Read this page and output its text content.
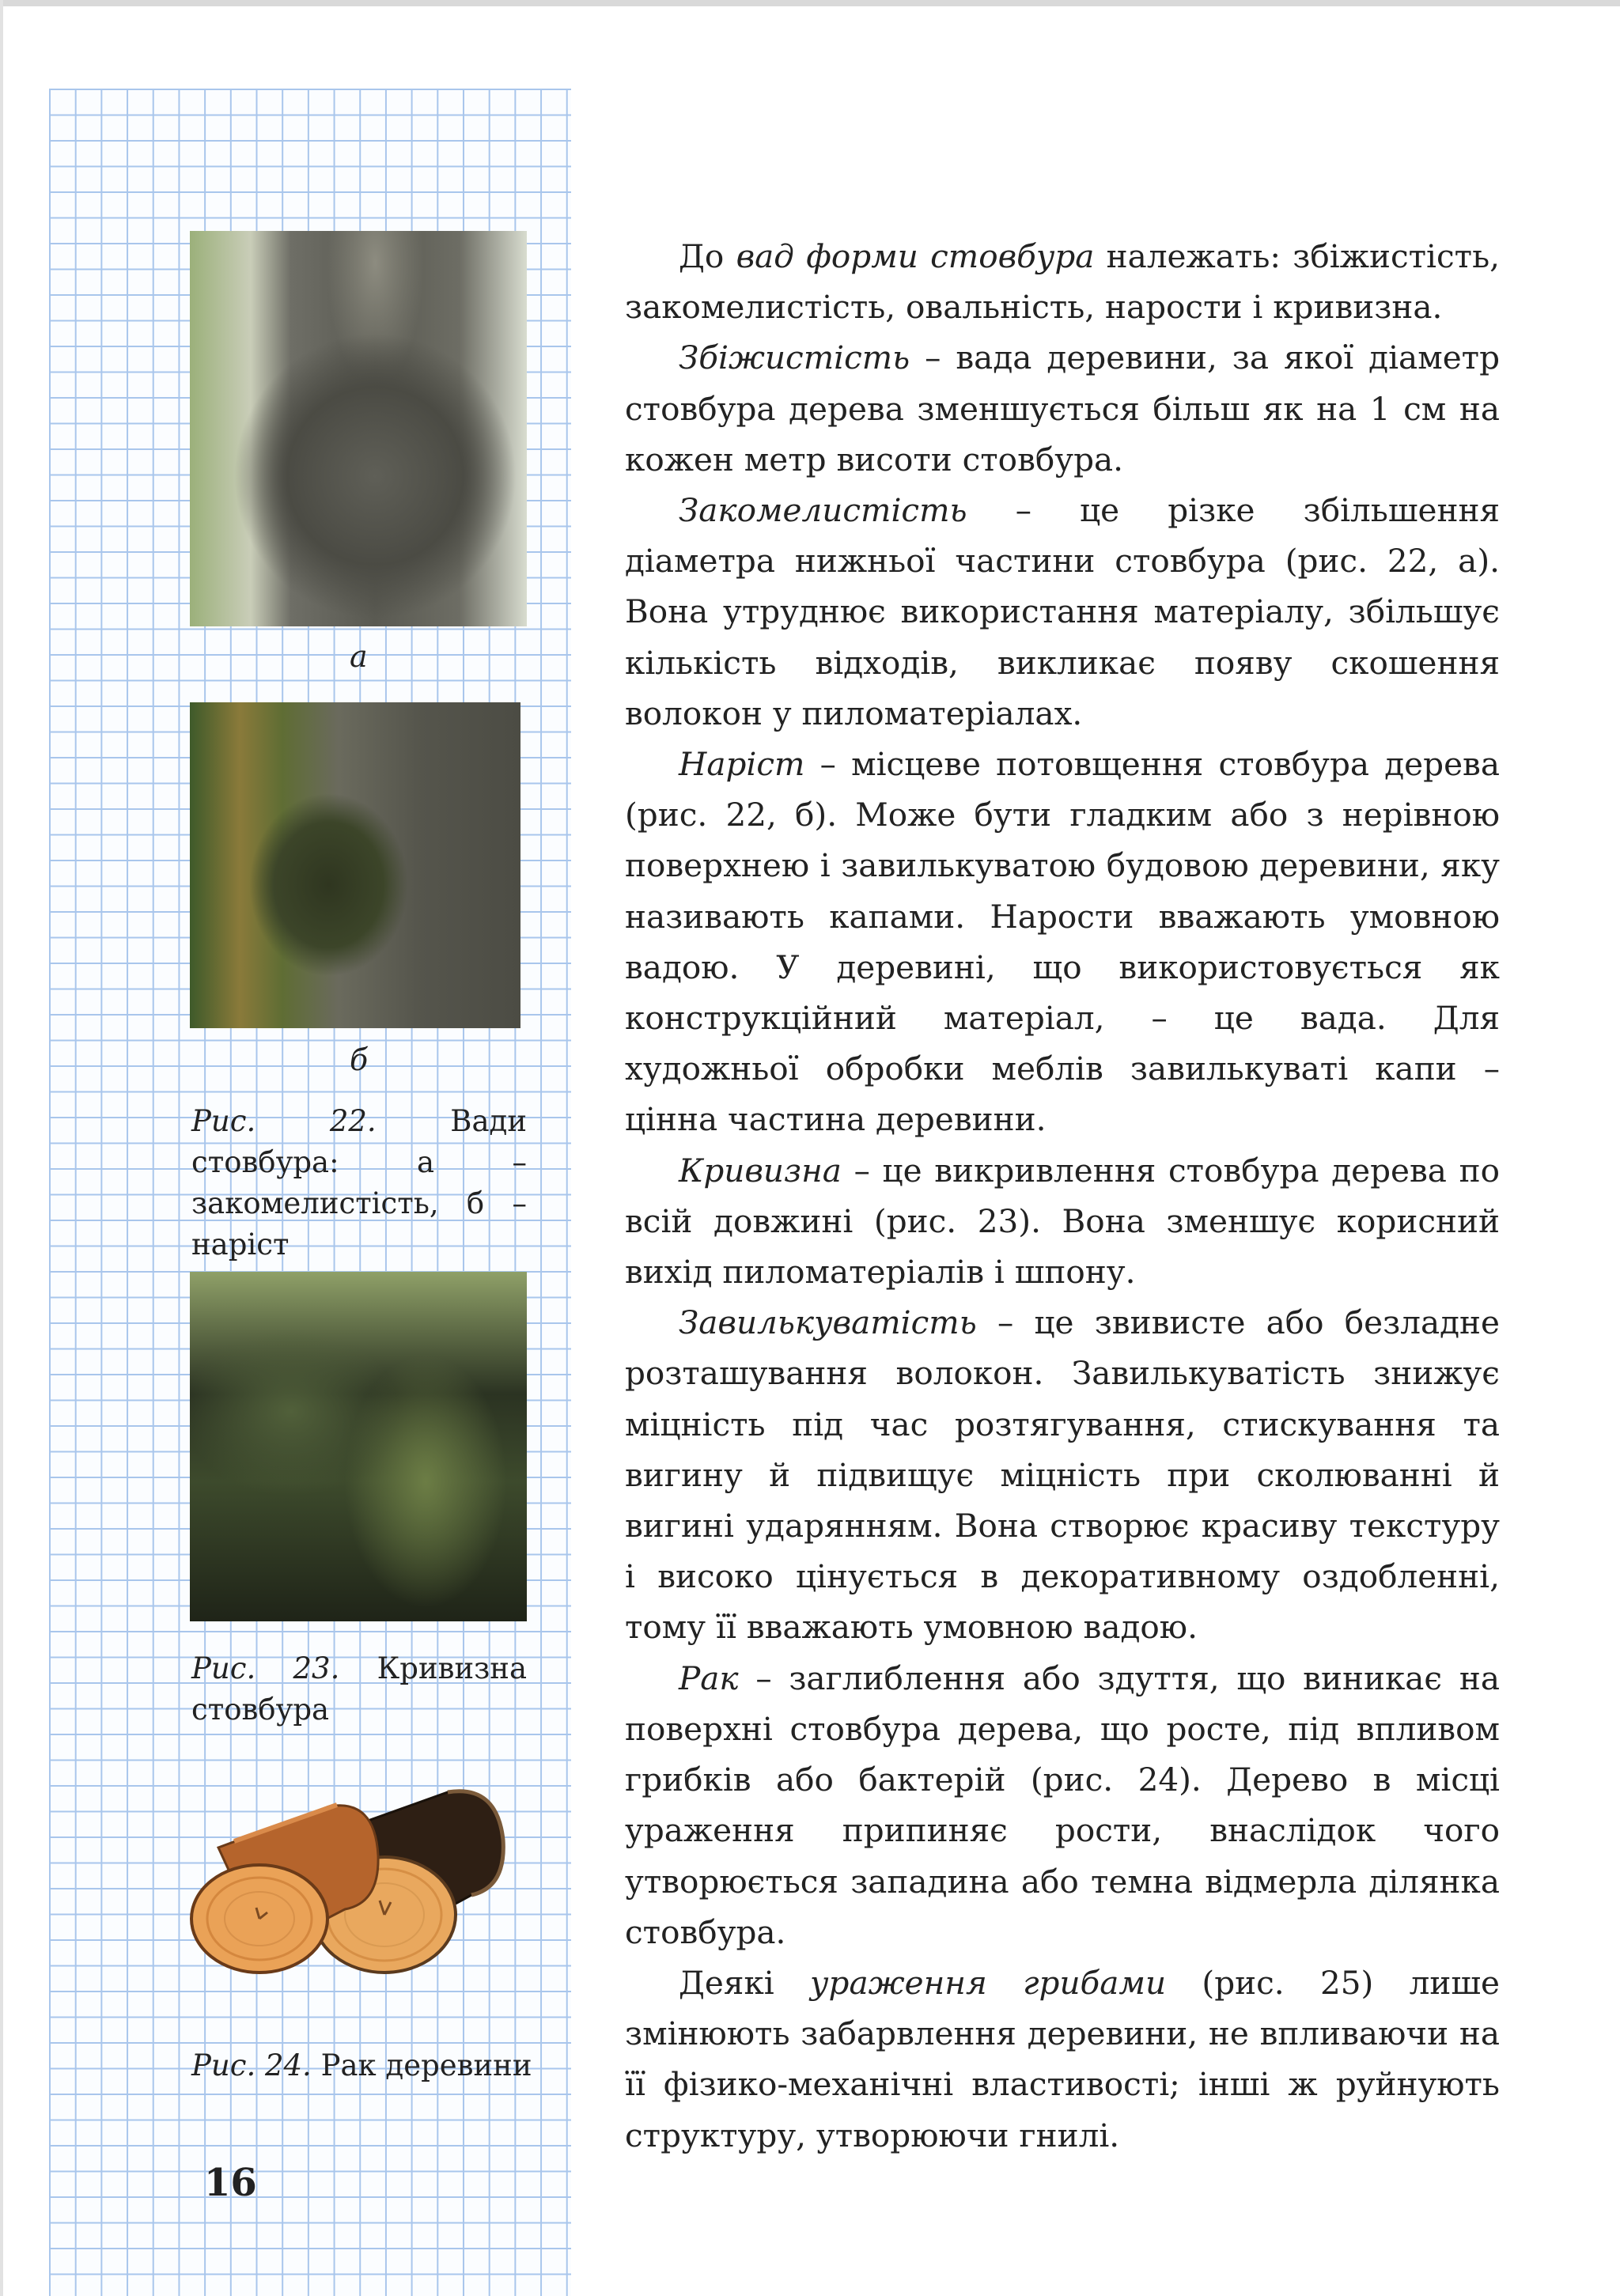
а
б
Рис. 22.	Вади стовбура: а – закомелистість, б – наріст
Рис. 23. Кривизна стовбура
Рис. 24. Рак деревини
16

До вад форми стовбура належать: збіжистість, закомелистість, овальність, нарости і кривизна.

Збіжистість – вада деревини, за якої діаметр стовбура дерева зменшується більш як на 1 см на кожен метр висоти стовбура.

Закомелистість – це різке збільшення діаметра нижньої частини стовбура (рис. 22, а). Вона утруднює використання матеріалу, збільшує кількість відходів, викликає появу скошення волокон у пиломатеріалах.

Наріст – місцеве потовщення стовбура дерева (рис. 22, б). Може бути гладким або з нерівною поверхнею і завилькуватою будовою деревини, яку називають капами. Нарости вважають умовною вадою. У деревині, що використовується як конструкційний матеріал, – це вада. Для художньої обробки меблів завилькуваті капи – цінна частина деревини.

Кривизна – це викривлення стовбура дерева по всій довжині (рис. 23). Вона зменшує корисний вихід пиломатеріалів і шпону.

Завилькуватість – це звивисте або безладне розташування волокон. Завилькуватість знижує міцність під час розтягування, стискування та вигину й підвищує міцність при сколюванні й вигині ударянням. Вона створює красиву текстуру і високо цінується в декоративному оздобленні, тому її вважають умовною вадою.

Рак – заглиблення або здуття, що виникає на поверхні стовбура дерева, що росте, під впливом грибків або бактерій (рис. 24). Дерево в місці ураження припиняє рости, внаслідок чого утворюється западина або темна відмерла ділянка стовбура.

Деякі ураження грибами (рис. 25) лише змінюють забарвлення деревини, не впливаючи на її фізико-механічні властивості; інші ж руйнують структуру, утворюючи гнилі.
